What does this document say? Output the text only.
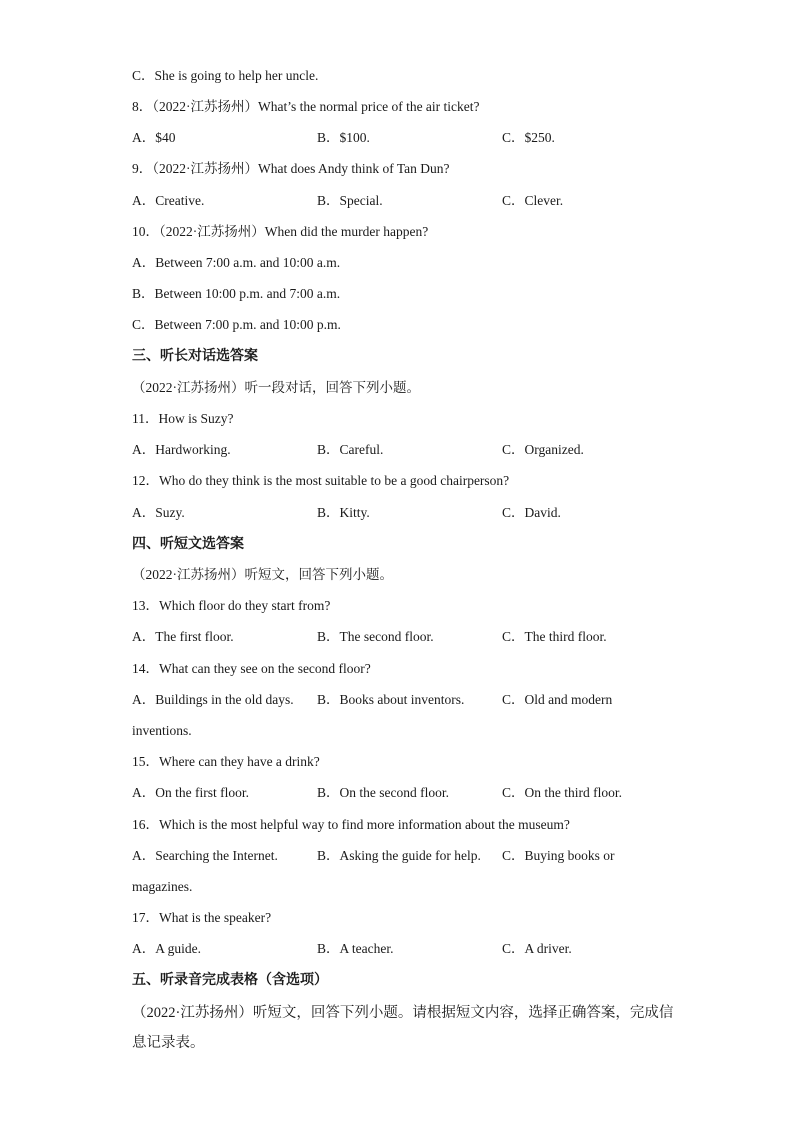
C．She is going to help her uncle.
8．（2022·江苏扬州）What’s the normal price of the air ticket?
A．$40	B．$100.	C．$250.
9．（2022·江苏扬州）What does Andy think of Tan Dun?
A．Creative.	B．Special.	C．Clever.
10．（2022·江苏扬州）When did the murder happen?
A．Between 7:00 a.m. and 10:00 a.m.
B．Between 10:00 p.m. and 7:00 a.m.
C．Between 7:00 p.m. and 10:00 p.m.
三、听长对话选答案
（2022·江苏扬州）听一段对话，回答下列小题。
11．How is Suzy?
A．Hardworking.	B．Careful.	C．Organized.
12．Who do they think is the most suitable to be a good chairperson?
A．Suzy.	B．Kitty.	C．David.
四、听短文选答案
（2022·江苏扬州）听短文，回答下列小题。
13．Which floor do they start from?
A．The first floor.	B．The second floor.	C．The third floor.
14．What can they see on the second floor?
A．Buildings in the old days. B．Books about inventors.	C．Old and modern
inventions.
15．Where can they have a drink?
A．On the first floor.	B．On the second floor.	C．On the third floor.
16．Which is the most helpful way to find more information about the museum?
A．Searching the Internet.	B．Asking the guide for help. C．Buying books or
magazines.
17．What is the speaker?
A．A guide.	B．A teacher.	C．A driver.
五、听录音完成表格（含选项）
（2022·江苏扬州）听短文，回答下列小题。请根据短文内容，选择正确答案，完成信
息记录表。
